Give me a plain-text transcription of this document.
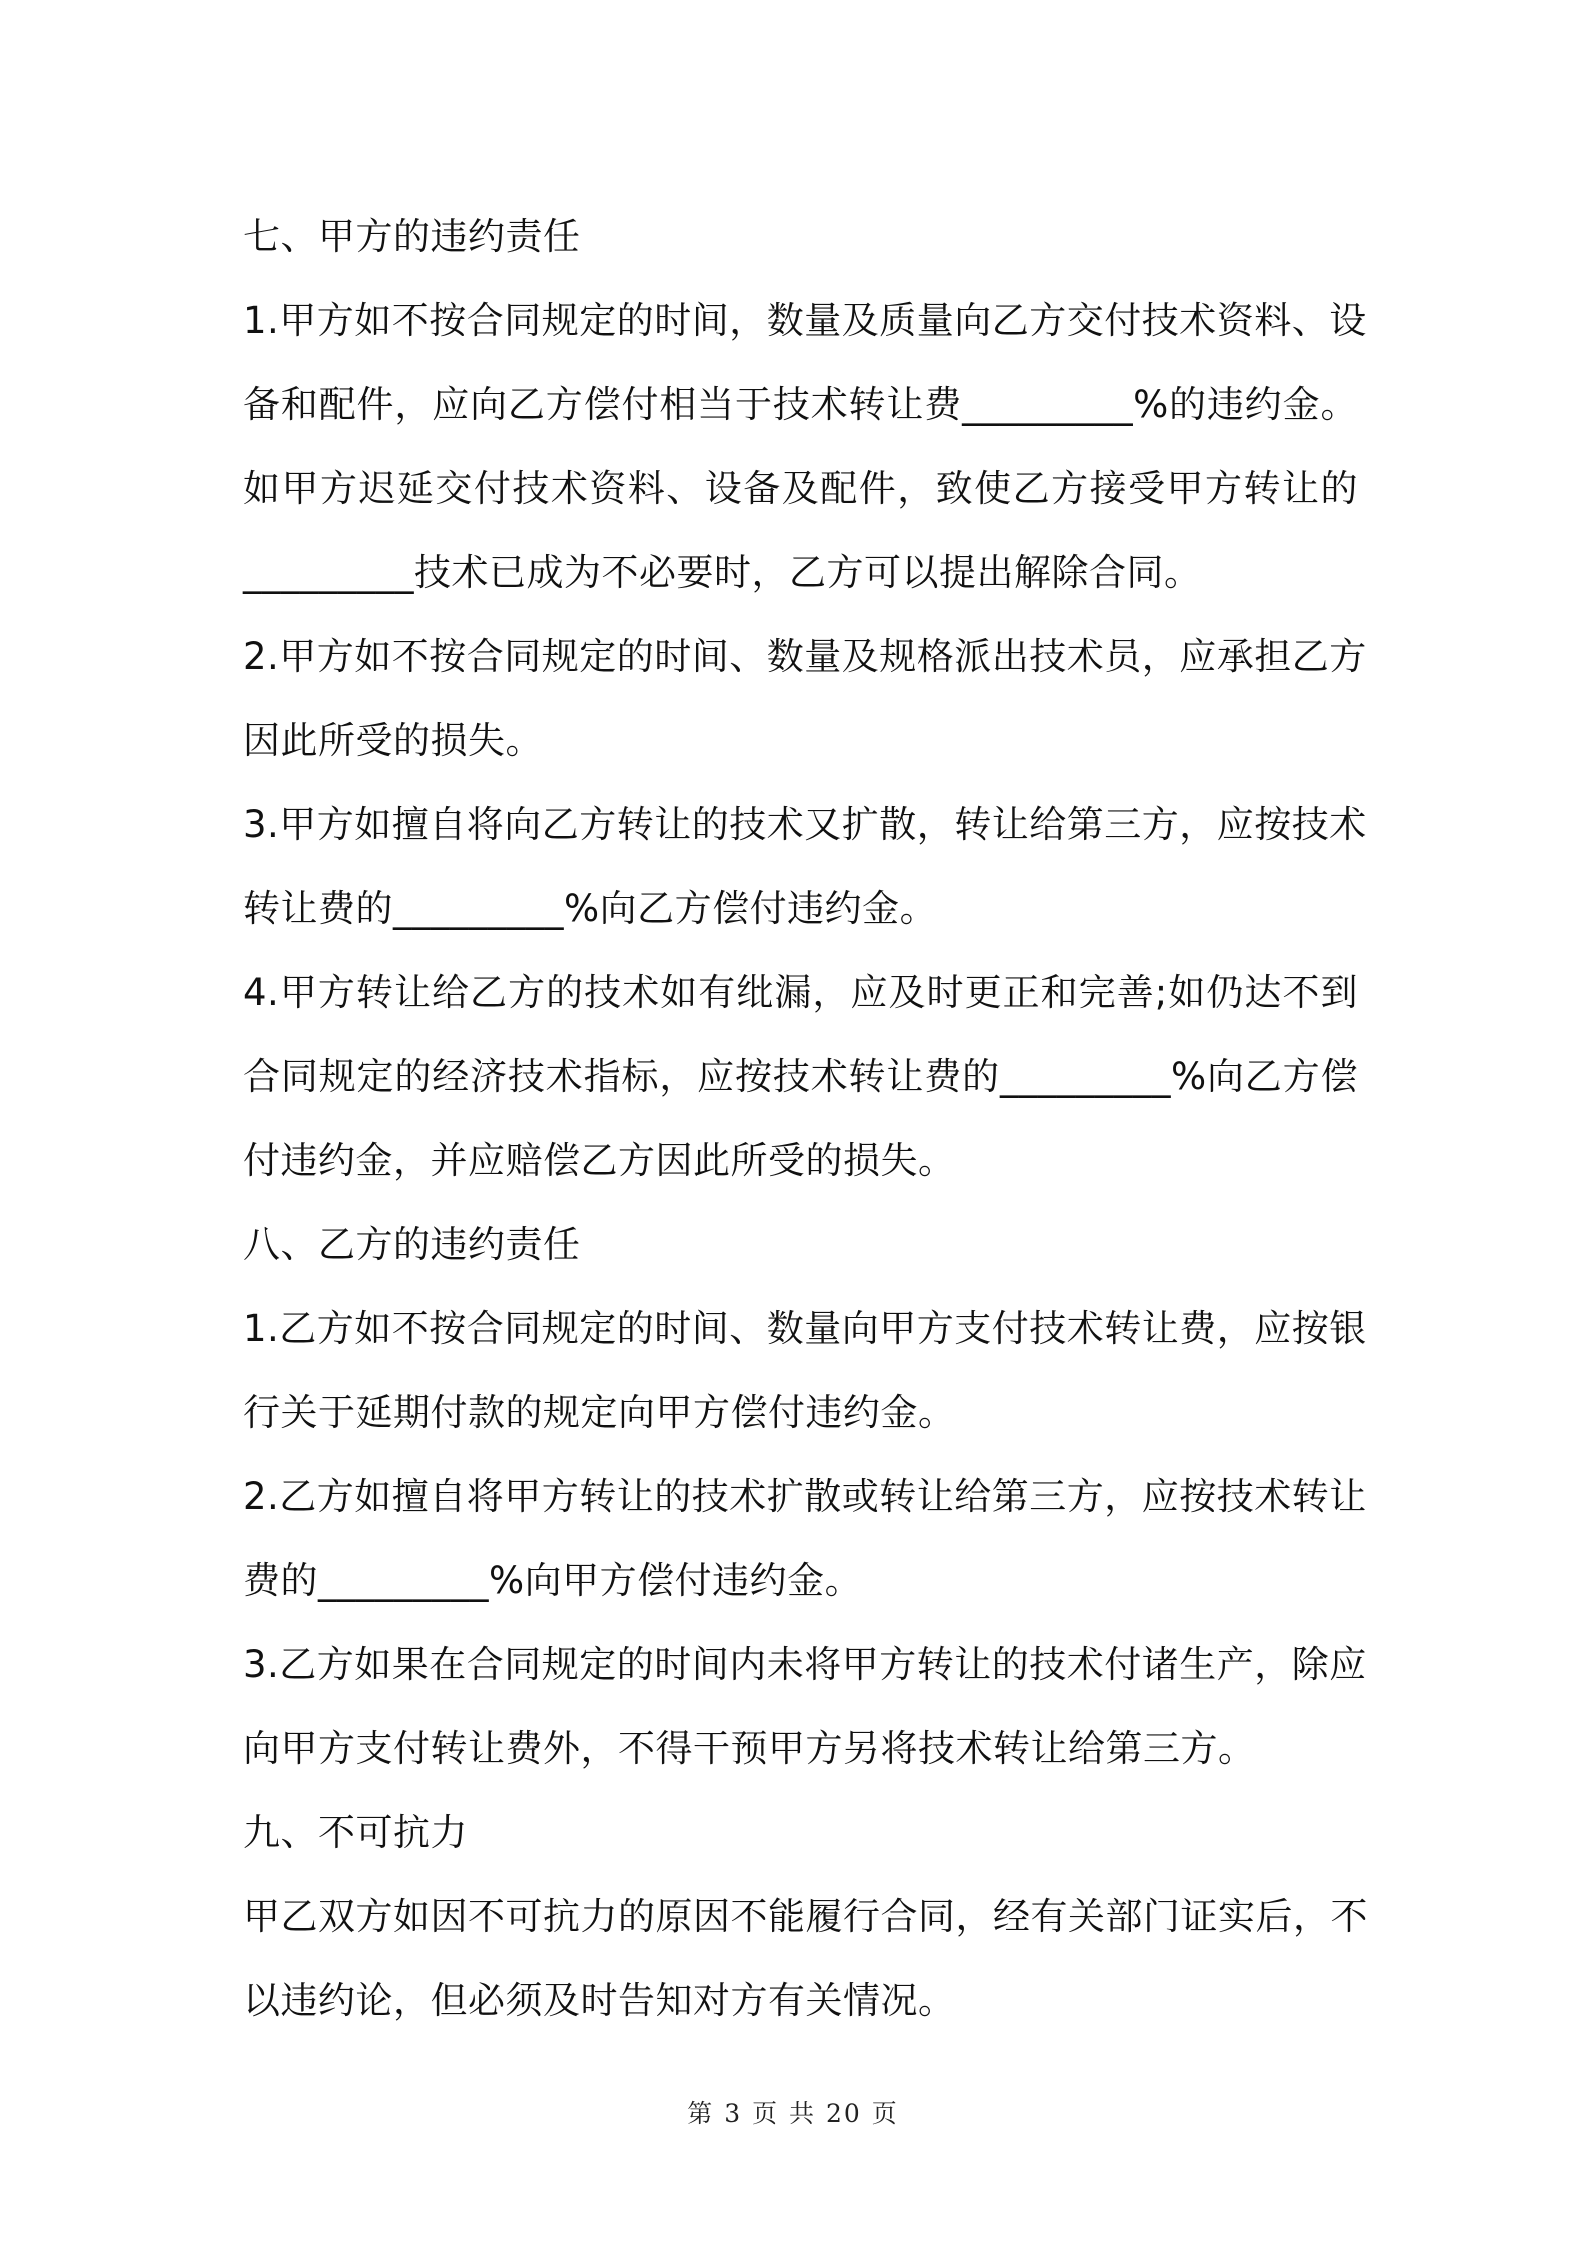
七、甲方的违约责任
1.甲方如不按合同规定的时间，数量及质量向乙方交付技术资料、设
备和配件，应向乙方偿付相当于技术转让费_________%的违约金。
如甲方迟延交付技术资料、设备及配件，致使乙方接受甲方转让的
_________技术已成为不必要时，乙方可以提出解除合同。
2.甲方如不按合同规定的时间、数量及规格派出技术员，应承担乙方
因此所受的损失。
3.甲方如擅自将向乙方转让的技术又扩散，转让给第三方，应按技术
转让费的_________%向乙方偿付违约金。
4.甲方转让给乙方的技术如有纰漏，应及时更正和完善;如仍达不到
合同规定的经济技术指标，应按技术转让费的_________%向乙方偿
付违约金，并应赔偿乙方因此所受的损失。
八、乙方的违约责任
1.乙方如不按合同规定的时间、数量向甲方支付技术转让费，应按银
行关于延期付款的规定向甲方偿付违约金。
2.乙方如擅自将甲方转让的技术扩散或转让给第三方，应按技术转让
费的_________%向甲方偿付违约金。
3.乙方如果在合同规定的时间内未将甲方转让的技术付诸生产，除应
向甲方支付转让费外，不得干预甲方另将技术转让给第三方。
九、不可抗力
甲乙双方如因不可抗力的原因不能履行合同，经有关部门证实后，不
以违约论，但必须及时告知对方有关情况。
第 3 页 共 20 页
